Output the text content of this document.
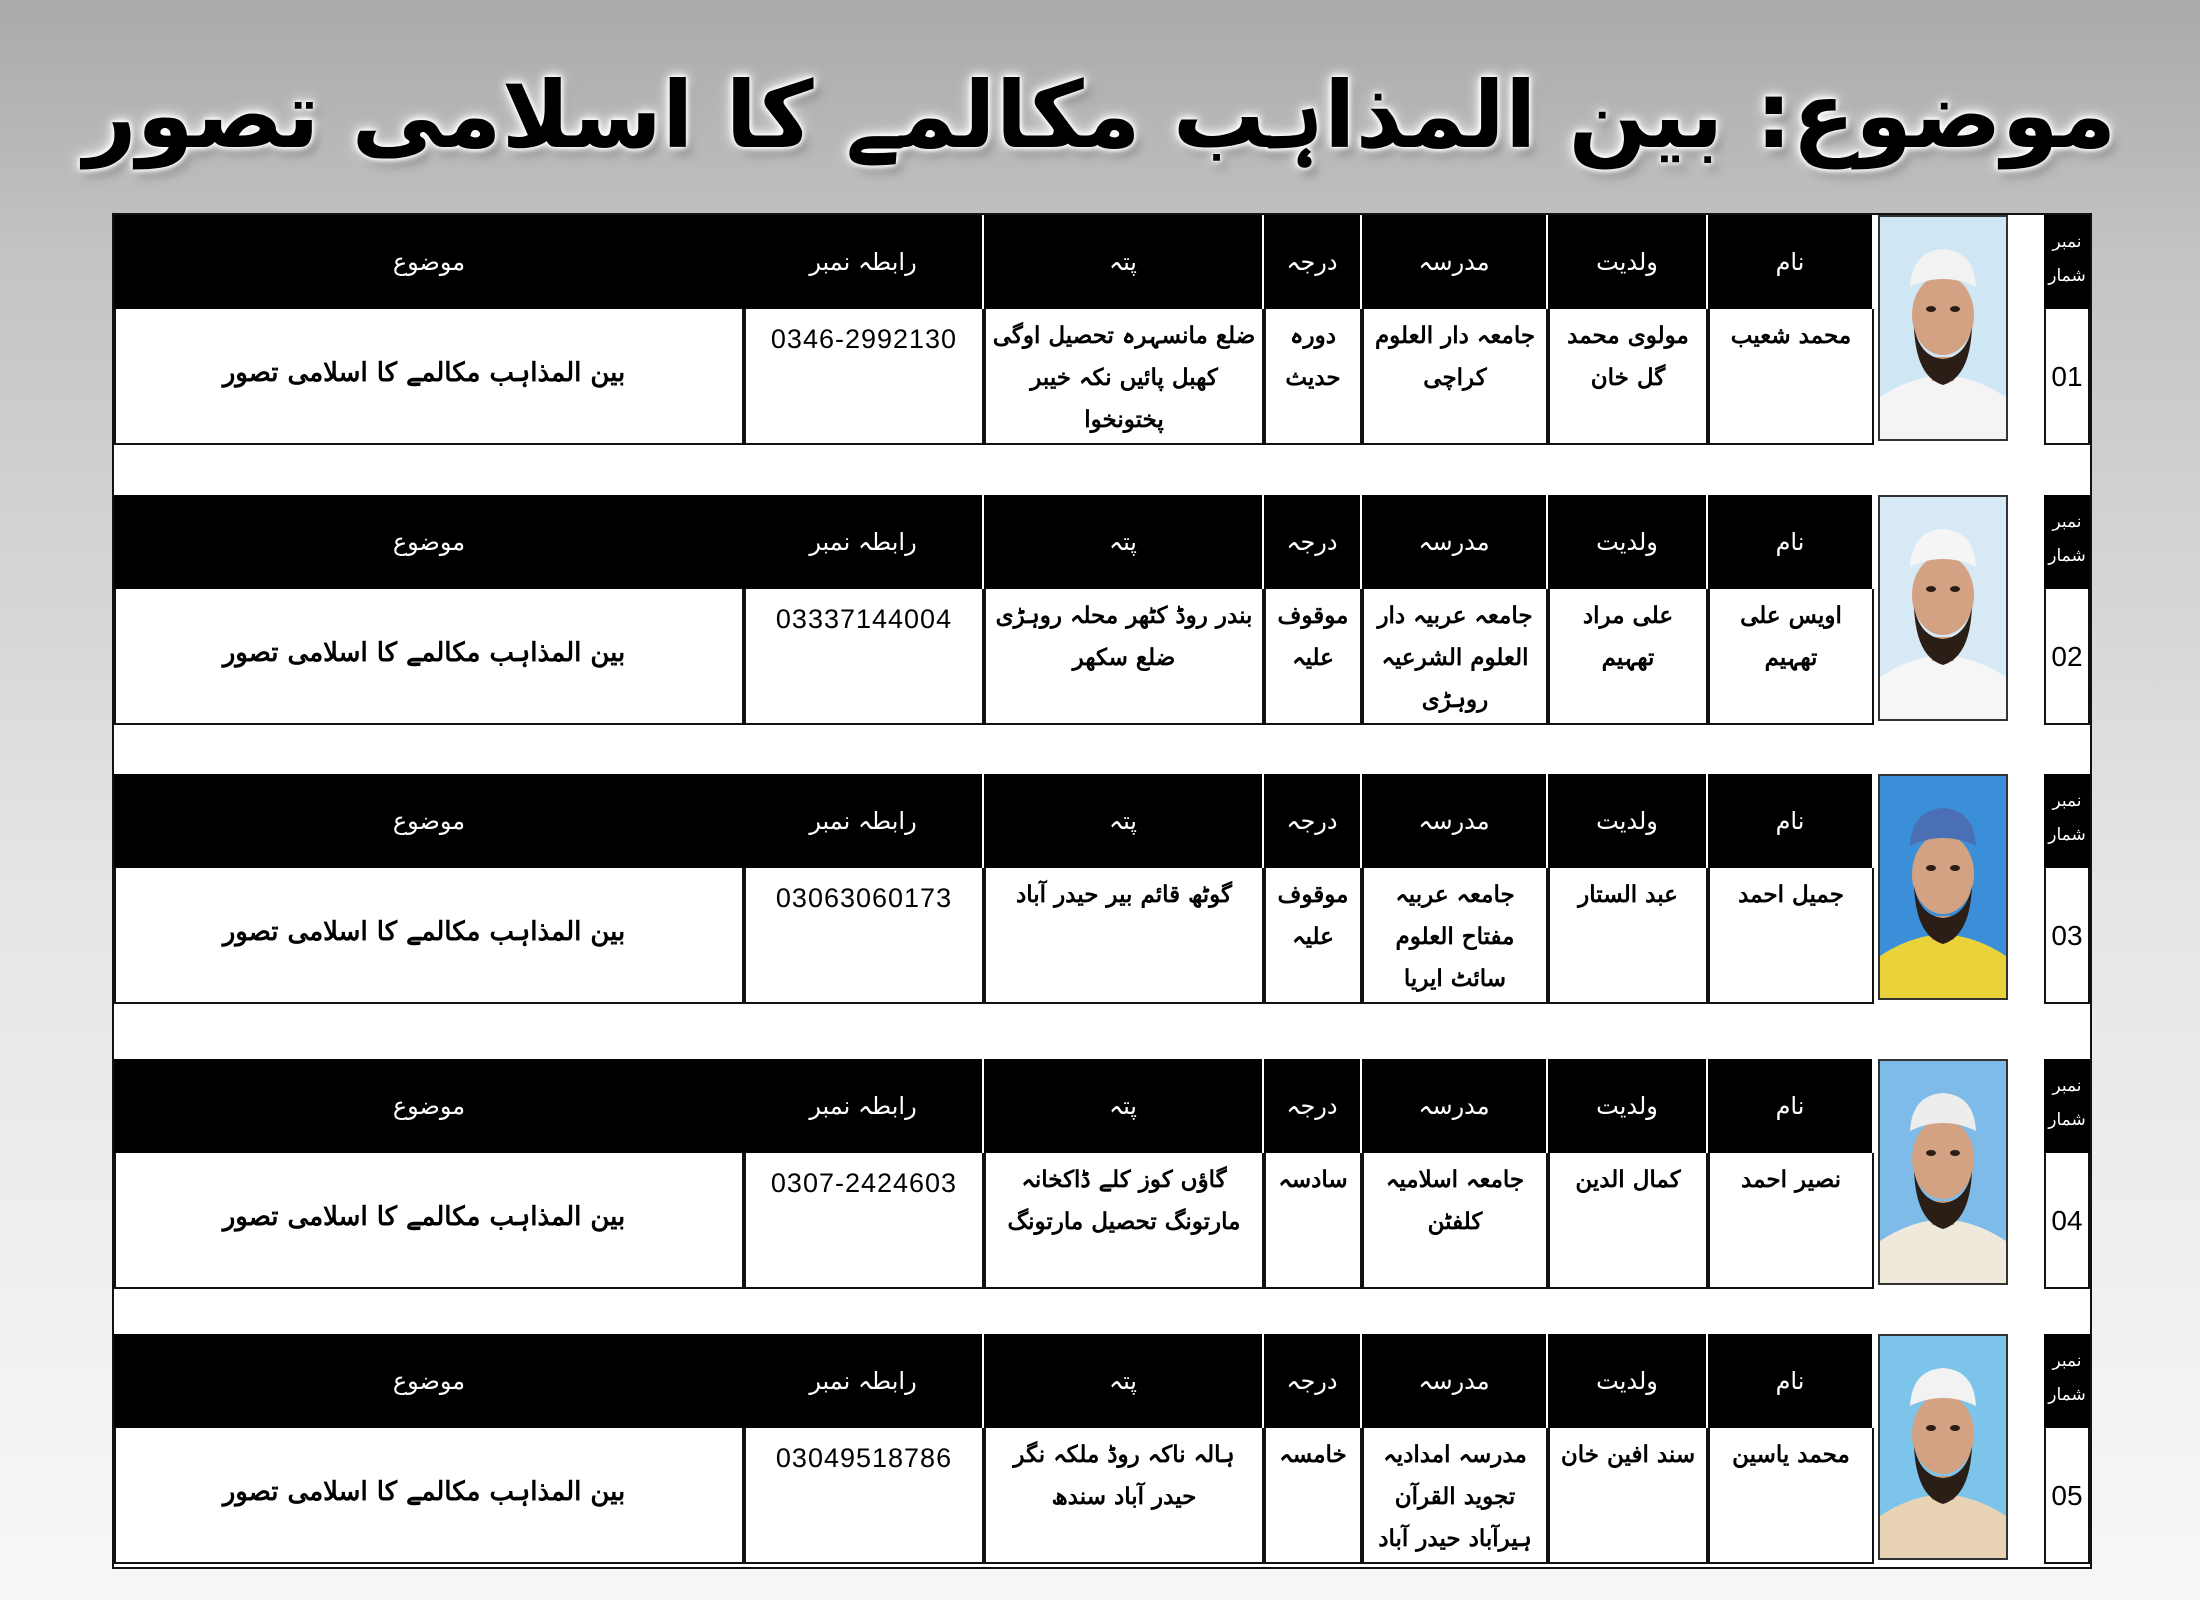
موضوع: بین المذاہب مکالمے کا اسلامی تصور
موضوع
بین المذاہب مکالمے کا اسلامی تصور
رابطہ نمبر
0346-2992130
پتہ
ضلع مانسہرہ تحصیل اوگی کھبل پائیں نکہ خیبر پختونخوا
درجہ
دورہ حدیث
مدرسہ
جامعہ دار العلوم کراچی
ولدیت
مولوی محمد گل خان
نام
محمد شعیب
نمبر شمار
01
موضوع
بین المذاہب مکالمے کا اسلامی تصور
رابطہ نمبر
03337144004
پتہ
بندر روڈ کٹھر محلہ روہڑی ضلع سکھر
درجہ
موقوف علیہ
مدرسہ
جامعہ عربیہ دار العلوم الشرعیہ روہڑی
ولدیت
علی مراد تھہیم
نام
اویس علی تھہیم
نمبر شمار
02
موضوع
بین المذاہب مکالمے کا اسلامی تصور
رابطہ نمبر
03063060173
پتہ
گوٹھ قائم بیر حیدر آباد
درجہ
موقوف علیہ
مدرسہ
جامعہ عربیہ مفتاح العلوم سائٹ ایریا
ولدیت
عبد الستار
نام
جمیل احمد
نمبر شمار
03
موضوع
بین المذاہب مکالمے کا اسلامی تصور
رابطہ نمبر
0307-2424603
پتہ
گاؤں کوز کلے ڈاکخانہ مارتونگ تحصیل مارتونگ
درجہ
سادسہ
مدرسہ
جامعہ اسلامیہ کلفٹن
ولدیت
کمال الدین
نام
نصیر احمد
نمبر شمار
04
موضوع
بین المذاہب مکالمے کا اسلامی تصور
رابطہ نمبر
03049518786
پتہ
ہالہ ناکہ روڈ ملکہ نگر حیدر آباد سندھ
درجہ
خامسہ
مدرسہ
مدرسہ امدادیہ تجوید القرآن ہیرآباد حیدر آباد
ولدیت
سند افین خان
نام
محمد یاسین
نمبر شمار
05
